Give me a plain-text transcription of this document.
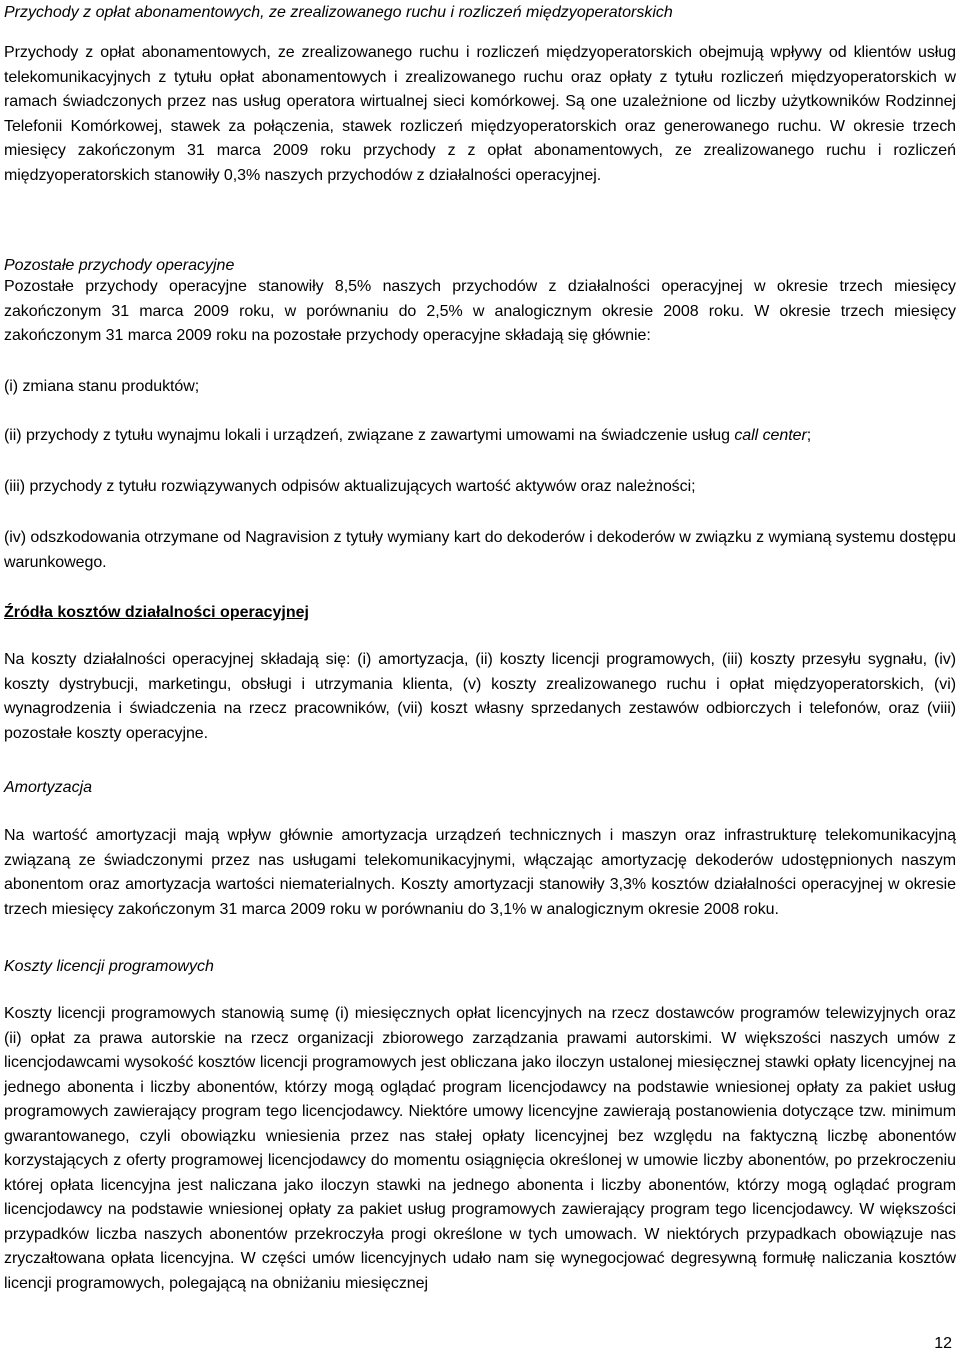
Przychody z opłat abonamentowych, ze zrealizowanego ruchu i rozliczeń międzyoperatorskich

Przychody z opłat abonamentowych, ze zrealizowanego ruchu i rozliczeń międzyoperatorskich obejmują wpływy od klientów usług telekomunikacyjnych z tytułu opłat abonamentowych i zrealizowanego ruchu oraz opłaty z tytułu rozliczeń międzyoperatorskich w ramach świadczonych przez nas usług operatora wirtualnej sieci komórkowej. Są one uzależnione od liczby użytkowników Rodzinnej Telefonii Komórkowej, stawek za połączenia, stawek rozliczeń międzyoperatorskich oraz generowanego ruchu. W okresie trzech miesięcy zakończonym 31 marca 2009 roku przychody z z opłat abonamentowych, ze zrealizowanego ruchu i rozliczeń międzyoperatorskich stanowiły 0,3% naszych przychodów z działalności operacyjnej.

Pozostałe przychody operacyjne

Pozostałe przychody operacyjne stanowiły 8,5% naszych przychodów z działalności operacyjnej w okresie trzech miesięcy zakończonym 31 marca 2009 roku, w porównaniu do 2,5% w analogicznym okresie 2008 roku. W okresie trzech miesięcy zakończonym 31 marca 2009 roku na pozostałe przychody operacyjne składają się głównie:

(i) zmiana stanu produktów;

(ii) przychody z tytułu wynajmu lokali i urządzeń, związane z zawartymi umowami na świadczenie usług call center;

(iii) przychody z tytułu rozwiązywanych odpisów aktualizujących wartość aktywów oraz należności;

(iv) odszkodowania otrzymane od Nagravision z tytuły wymiany kart do dekoderów i dekoderów w związku z wymianą systemu dostępu warunkowego.

Źródła kosztów działalności operacyjnej

Na koszty działalności operacyjnej składają się: (i) amortyzacja, (ii) koszty licencji programowych, (iii) koszty przesyłu sygnału, (iv) koszty dystrybucji, marketingu, obsługi i utrzymania klienta, (v) koszty zrealizowanego ruchu i opłat międzyoperatorskich, (vi) wynagrodzenia i świadczenia na rzecz pracowników, (vii) koszt własny sprzedanych zestawów odbiorczych i telefonów, oraz (viii) pozostałe koszty operacyjne.

Amortyzacja

Na wartość amortyzacji mają wpływ głównie amortyzacja urządzeń technicznych i maszyn oraz infrastrukturę telekomunikacyjną związaną ze świadczonymi przez nas usługami telekomunikacyjnymi, włączając amortyzację dekoderów udostępnionych naszym abonentom oraz amortyzacja wartości niematerialnych. Koszty amortyzacji stanowiły 3,3% kosztów działalności operacyjnej w okresie trzech miesięcy zakończonym 31 marca 2009 roku w porównaniu do 3,1% w analogicznym okresie 2008 roku.

Koszty licencji programowych

Koszty licencji programowych stanowią sumę (i) miesięcznych opłat licencyjnych na rzecz dostawców programów telewizyjnych oraz (ii) opłat za prawa autorskie na rzecz organizacji zbiorowego zarządzania prawami autorskimi. W większości naszych umów z licencjodawcami wysokość kosztów licencji programowych jest obliczana jako iloczyn ustalonej miesięcznej stawki opłaty licencyjnej na jednego abonenta i liczby abonentów, którzy mogą oglądać program licencjodawcy na podstawie wniesionej opłaty za pakiet usług programowych zawierający program tego licencjodawcy. Niektóre umowy licencyjne zawierają postanowienia dotyczące tzw. minimum gwarantowanego, czyli obowiązku wniesienia przez nas stałej opłaty licencyjnej bez względu na faktyczną liczbę abonentów korzystających z oferty programowej licencjodawcy do momentu osiągnięcia określonej w umowie liczby abonentów, po przekroczeniu której opłata licencyjna jest naliczana jako iloczyn stawki na jednego abonenta i liczby abonentów, którzy mogą oglądać program licencjodawcy na podstawie wniesionej opłaty za pakiet usług programowych zawierający program tego licencjodawcy. W większości przypadków liczba naszych abonentów przekroczyła progi określone w tych umowach. W niektórych przypadkach obowiązuje nas zryczałtowana opłata licencyjna. W części umów licencyjnych udało nam się wynegocjować degresywną formułę naliczania kosztów licencji programowych, polegającą na obniżaniu miesięcznej

12
